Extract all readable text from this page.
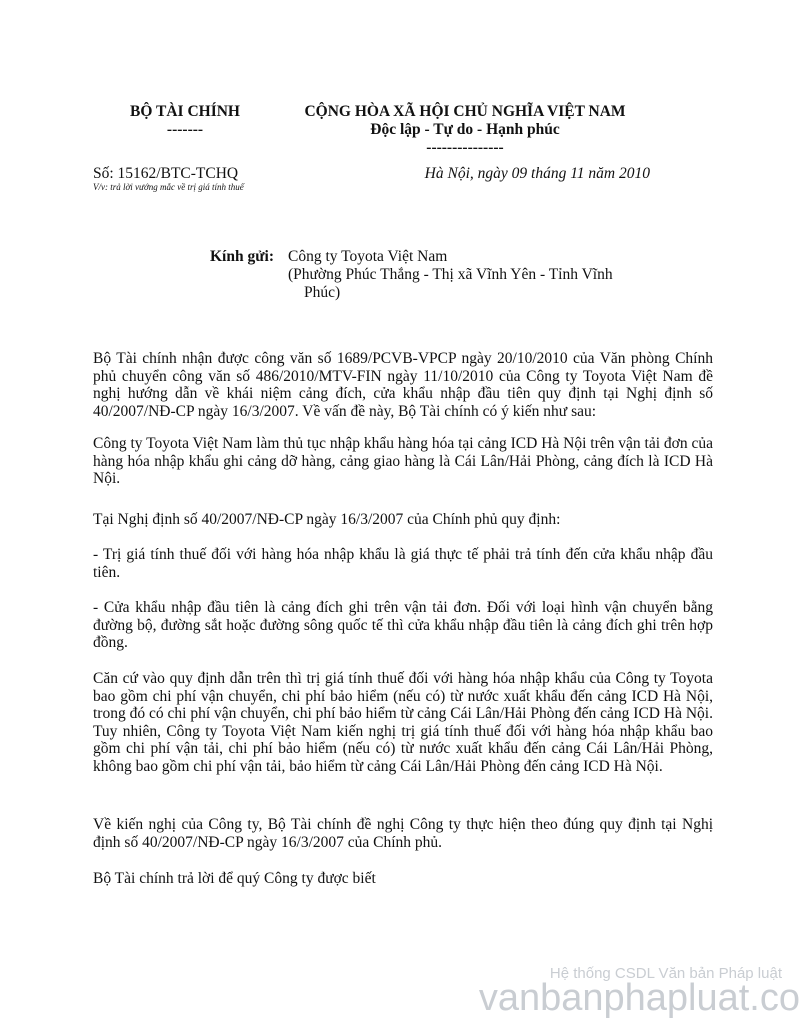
BỘ TÀI CHÍNH
-------
CỘNG HÒA XÃ HỘI CHỦ NGHĨA VIỆT NAM
Độc lập - Tự do - Hạnh phúc
---------------
Số: 15162/BTC-TCHQ
V/v: trả lời vướng mắc về trị giá tính thuế
Hà Nội, ngày 09 tháng 11 năm 2010
Kính gửi: Công ty Toyota Việt Nam
(Phường Phúc Thắng - Thị xã Vĩnh Yên - Tỉnh Vĩnh
Phúc)
Bộ Tài chính nhận được công văn số 1689/PCVB-VPCP ngày 20/10/2010 của Văn phòng Chính phủ chuyển công văn số 486/2010/MTV-FIN ngày 11/10/2010 của Công ty Toyota Việt Nam đề nghị hướng dẫn về khái niệm cảng đích, cửa khẩu nhập đầu tiên quy định tại Nghị định số 40/2007/NĐ-CP ngày 16/3/2007. Về vấn đề này, Bộ Tài chính có ý kiến như sau:
Công ty Toyota Việt Nam làm thủ tục nhập khẩu hàng hóa tại cảng ICD Hà Nội trên vận tải đơn của hàng hóa nhập khẩu ghi cảng dỡ hàng, cảng giao hàng là Cái Lân/Hải Phòng, cảng đích là ICD Hà Nội.
Tại Nghị định số 40/2007/NĐ-CP ngày 16/3/2007 của Chính phủ quy định:
- Trị giá tính thuế đối với hàng hóa nhập khẩu là giá thực tế phải trả tính đến cửa khẩu nhập đầu tiên.
- Cửa khẩu nhập đầu tiên là cảng đích ghi trên vận tải đơn. Đối với loại hình vận chuyển bằng đường bộ, đường sắt hoặc đường sông quốc tế thì cửa khẩu nhập đầu tiên là cảng đích ghi trên hợp đồng.
Căn cứ vào quy định dẫn trên thì trị giá tính thuế đối với hàng hóa nhập khẩu của Công ty Toyota bao gồm chi phí vận chuyển, chi phí bảo hiểm (nếu có) từ nước xuất khẩu đến cảng ICD Hà Nội, trong đó có chi phí vận chuyển, chi phí bảo hiểm từ cảng Cái Lân/Hải Phòng đến cảng ICD Hà Nội. Tuy nhiên, Công ty Toyota Việt Nam kiến nghị trị giá tính thuế đối với hàng hóa nhập khẩu bao gồm chi phí vận tải, chi phí bảo hiểm (nếu có) từ nước xuất khẩu đến cảng Cái Lân/Hải Phòng, không bao gồm chi phí vận tải, bảo hiểm từ cảng Cái Lân/Hải Phòng đến cảng ICD Hà Nội.
Về kiến nghị của Công ty, Bộ Tài chính đề nghị Công ty thực hiện theo đúng quy định tại Nghị định số 40/2007/NĐ-CP ngày 16/3/2007 của Chính phủ.
Bộ Tài chính trả lời để quý Công ty được biết
Hệ thống CSDL Văn bản Pháp luật
vanbanphapluat.co
